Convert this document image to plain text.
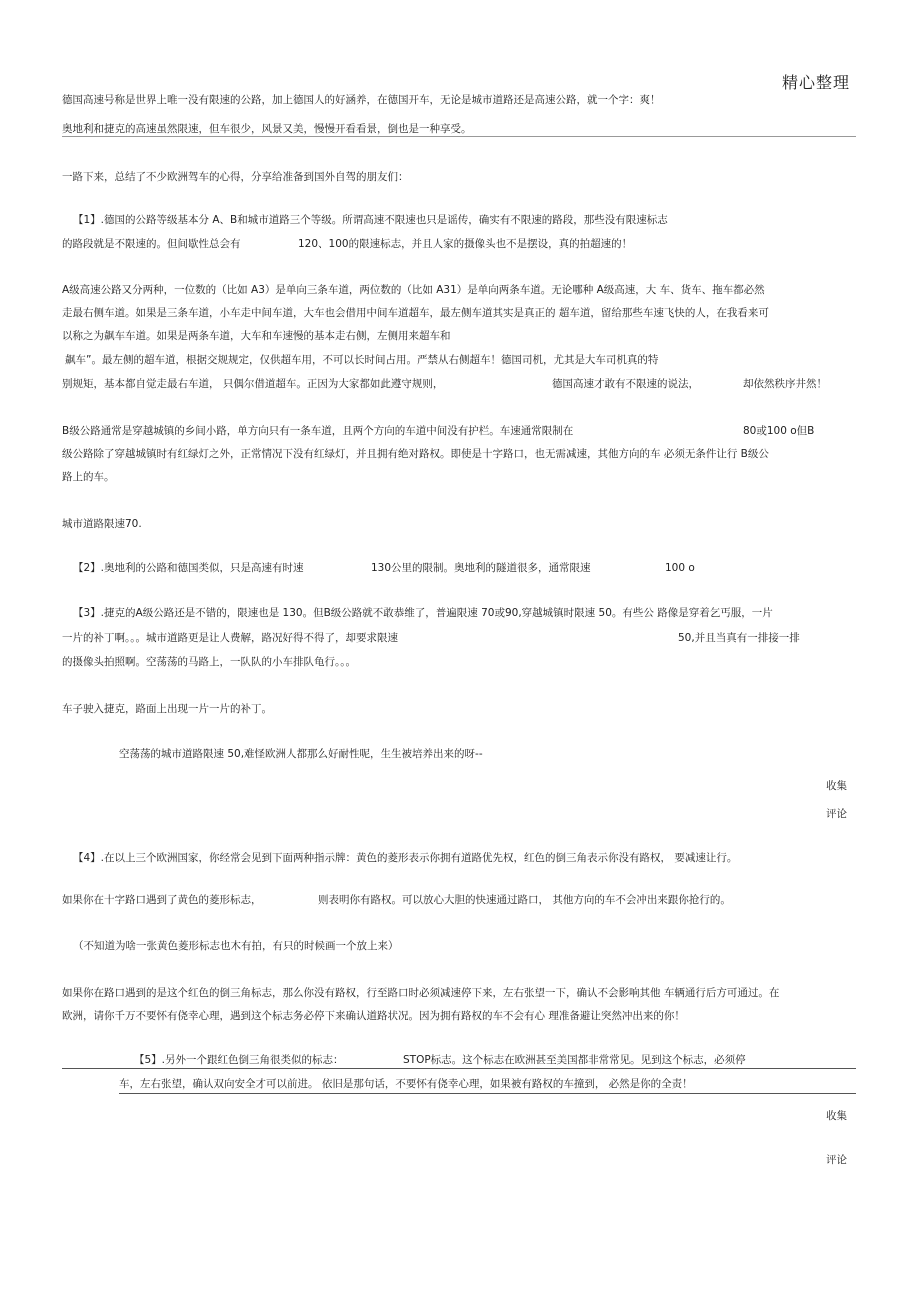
精心整理
德国高速号称是世界上唯一没有限速的公路，加上德国人的好涵养，在德国开车，无论是城市道路还是高速公路，就一个字：爽！
奥地利和捷克的高速虽然限速，但车很少，风景又美，慢慢开看看景，倒也是一种享受。
一路下来，总结了不少欧洲驾车的心得，分享给准备到国外自驾的朋友们：
【1】.德国的公路等级基本分 A、B和城市道路三个等级。所谓高速不限速也只是谣传，确实有不限速的路段，那些没有限速标志
的路段就是不限速的。但间歇性总会有	120、100的限速标志，并且人家的摄像头也不是摆设，真的拍超速的！
A级高速公路又分两种，一位数的（比如 A3）是单向三条车道，两位数的（比如 A31）是单向两条车道。无论哪种 A级高速，大 车、货车、拖车都必然
走最右侧车道。如果是三条车道，小车走中间车道，大车也会借用中间车道超车，最左侧车道其实是真正的 超车道，留给那些车速飞快的人，在我看来可
以称之为飙车车道。如果是两条车道，大车和车速慢的基本走右侧，左侧用来超车和
飙车”。最左侧的超车道，根据交规规定，仅供超车用，不可以长时间占用。严禁从右侧超车！德国司机，尤其是大车司机真的特
别规矩，基本都自觉走最右车道， 只偶尔借道超车。正因为大家都如此遵守规则，	德国高速才敢有不限速的说法，	却依然秩序井然！
B级公路通常是穿越城镇的乡间小路，单方向只有一条车道，且两个方向的车道中间没有护栏。车速通常限制在	80或100 o但B
级公路除了穿越城镇时有红绿灯之外，正常情况下没有红绿灯，并且拥有绝对路权。即使是十字路口，也无需减速，其他方向的车 必须无条件让行 B级公
路上的车。
城市道路限速70.
【2】.奥地利的公路和德国类似，只是高速有时速	130公里的限制。奥地利的隧道很多，通常限速	100 o
【3】.捷克的A级公路还是不错的，限速也是 130。但B级公路就不敢恭维了，普遍限速 70或90,穿越城镇时限速 50。有些公 路像是穿着乞丐服，一片
一片的补丁啊。。。城市道路更是让人费解，路况好得不得了，却要求限速	50,并且当真有一排接一排
的摄像头拍照啊。空荡荡的马路上，一队队的小车排队龟行。。。
车子驶入捷克，路面上出现一片一片的补丁。
空荡荡的城市道路限速 50,难怪欧洲人都那么好耐性呢，生生被培养出来的呀--
收集
评论
【4】.在以上三个欧洲国家，你经常会见到下面两种指示牌：黄色的菱形表示你拥有道路优先权，红色的倒三角表示你没有路权， 要减速让行。
如果你在十字路口遇到了黄色的菱形标志，	则表明你有路权。可以放心大胆的快速通过路口， 其他方向的车不会冲出来跟你抢行的。
（不知道为啥一张黄色菱形标志也木有拍，有只的时候画一个放上来）
如果你在路口遇到的是这个红色的倒三角标志，那么你没有路权，行至路口时必须减速停下来，左右张望一下，确认不会影响其他 车辆通行后方可通过。在
欧洲，请你千万不要怀有侥幸心理，遇到这个标志务必停下来确认道路状况。因为拥有路权的车不会有心 理准备避让突然冲出来的你！
【5】.另外一个跟红色倒三角很类似的标志：	STOP标志。这个标志在欧洲甚至美国都非常常见。见到这个标志，必须停
车，左右张望，确认双向安全才可以前进。 依旧是那句话，不要怀有侥幸心理，如果被有路权的车撞到， 必然是你的全责！
收集
评论
